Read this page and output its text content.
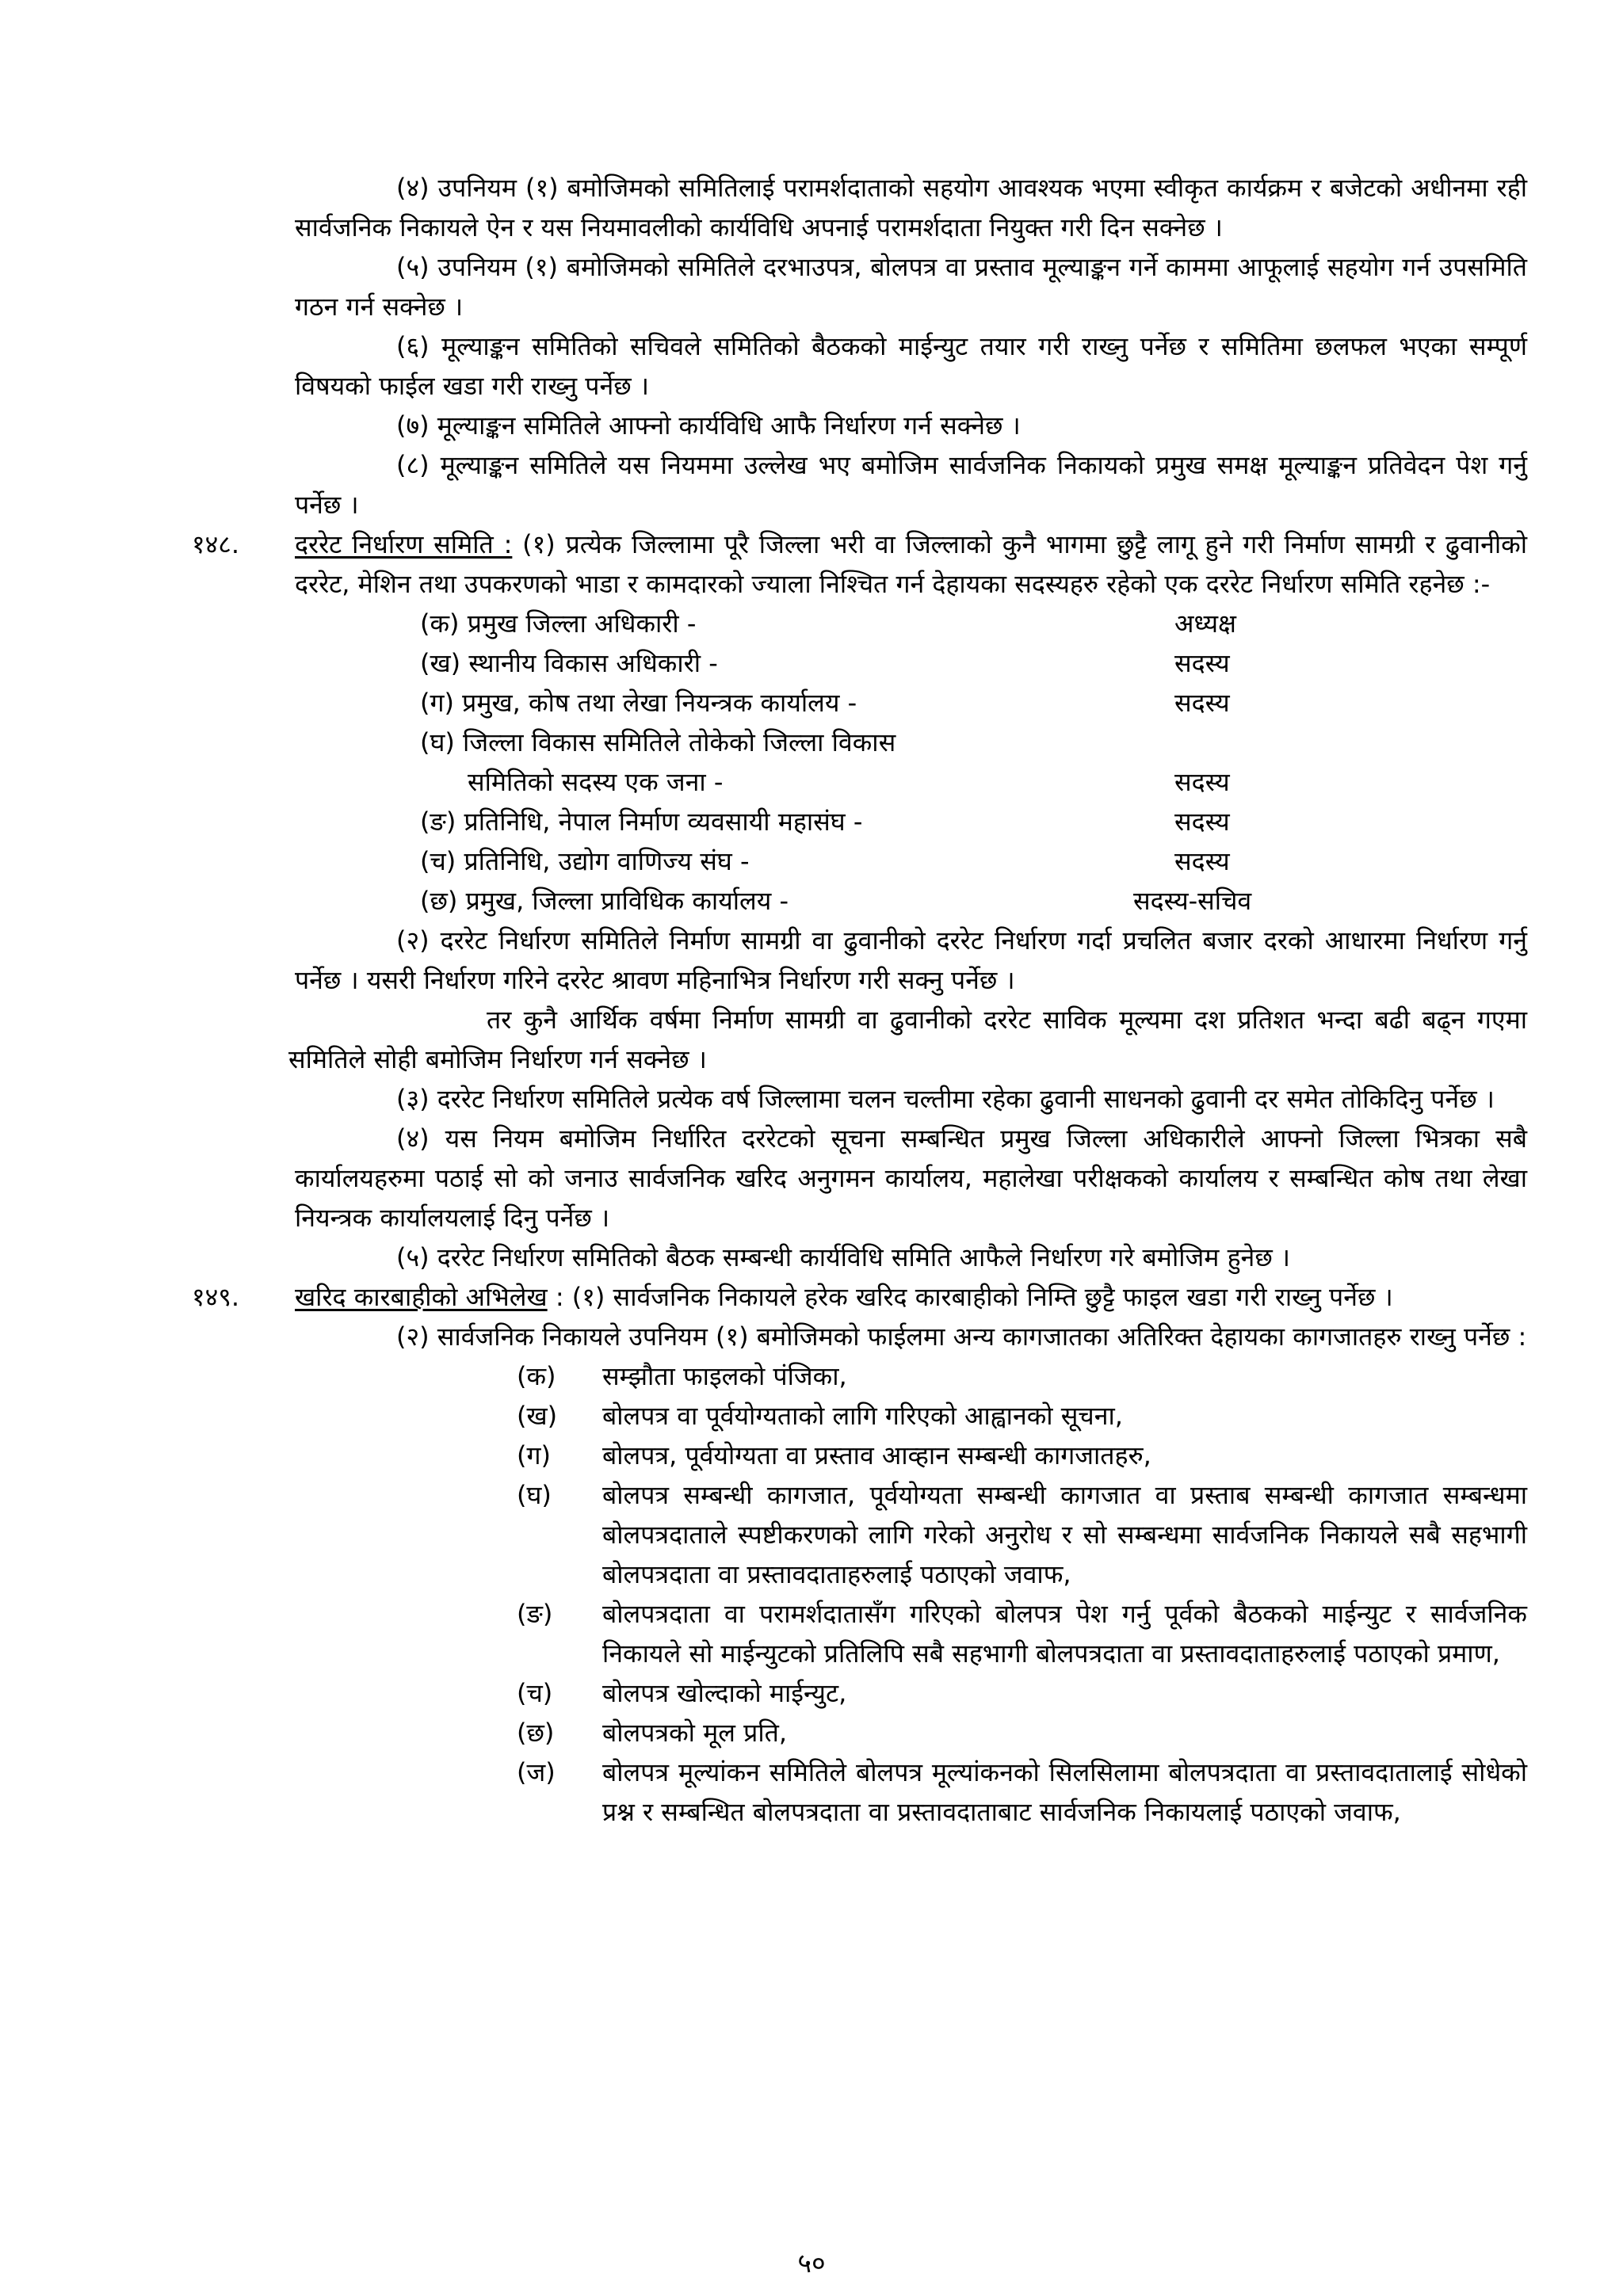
(४) उपनियम (१) बमोजिमको समितिलाई परामर्शदाताको सहयोग आवश्यक भएमा स्वीकृत कार्यक्रम र बजेटको अधीनमा रही सार्वजनिक निकायले ऐन र यस नियमावलीको कार्यविधि अपनाई परामर्शदाता नियुक्त गरी दिन सक्नेछ ।

(५) उपनियम (१) बमोजिमको समितिले दरभाउपत्र, बोलपत्र वा प्रस्ताव मूल्याङ्कन गर्ने काममा आफूलाई सहयोग गर्न उपसमिति गठन गर्न सक्नेछ ।

(६) मूल्याङ्कन समितिको सचिवले समितिको बैठकको माईन्युट तयार गरी राख्नु पर्नेछ र समितिमा छलफल भएका सम्पूर्ण विषयको फाईल खडा गरी राख्नु पर्नेछ ।

(७) मूल्याङ्कन समितिले आफ्नो कार्यविधि आफै निर्धारण गर्न सक्नेछ ।

(८) मूल्याङ्कन समितिले यस नियममा उल्लेख भए बमोजिम सार्वजनिक निकायको प्रमुख समक्ष मूल्याङ्कन प्रतिवेदन पेश गर्नु पर्नेछ ।

१४८. दररेट निर्धारण समिति : (१) प्रत्येक जिल्लामा पूरै जिल्ला भरी वा जिल्लाको कुनै भागमा छुट्टै लागू हुने गरी निर्माण सामग्री र ढुवानीको दररेट, मेशिन तथा उपकरणको भाडा र कामदारको ज्याला निश्चित गर्न देहायका सदस्यहरु रहेको एक दररेट निर्धारण समिति रहनेछ :-

(क) प्रमुख जिल्ला अधिकारी -	अध्यक्ष
(ख) स्थानीय विकास अधिकारी -	सदस्य
(ग) प्रमुख, कोष तथा लेखा नियन्त्रक कार्यालय -	सदस्य
(घ) जिल्ला विकास समितिले तोकेको जिल्ला विकास
समितिको सदस्य एक जना -	सदस्य
(ङ) प्रतिनिधि, नेपाल निर्माण व्यवसायी महासंघ -	सदस्य
(च) प्रतिनिधि, उद्योग वाणिज्य संघ -	सदस्य
(छ) प्रमुख, जिल्ला प्राविधिक कार्यालय -	सदस्य-सचिव

(२) दररेट निर्धारण समितिले निर्माण सामग्री वा ढुवानीको दररेट निर्धारण गर्दा प्रचलित बजार दरको आधारमा निर्धारण गर्नु पर्नेछ । यसरी निर्धारण गरिने दररेट श्रावण महिनाभित्र निर्धारण गरी सक्नु पर्नेछ ।

तर कुनै आर्थिक वर्षमा निर्माण सामग्री वा ढुवानीको दररेट साविक मूल्यमा दश प्रतिशत भन्दा बढी बढ्न गएमा समितिले सोही बमोजिम निर्धारण गर्न सक्नेछ ।

(३) दररेट निर्धारण समितिले प्रत्येक वर्ष जिल्लामा चलन चल्तीमा रहेका ढुवानी साधनको ढुवानी दर समेत तोकिदिनु पर्नेछ ।

(४) यस नियम बमोजिम निर्धारित दररेटको सूचना सम्बन्धित प्रमुख जिल्ला अधिकारीले आफ्नो जिल्ला भित्रका सबै कार्यालयहरुमा पठाई सो को जनाउ सार्वजनिक खरिद अनुगमन कार्यालय, महालेखा परीक्षकको कार्यालय र सम्बन्धित कोष तथा लेखा नियन्त्रक कार्यालयलाई दिनु पर्नेछ ।

(५) दररेट निर्धारण समितिको बैठक सम्बन्धी कार्यविधि समिति आफैले निर्धारण गरे बमोजिम हुनेछ ।

१४९. खरिद कारबाहीको अभिलेख : (१) सार्वजनिक निकायले हरेक खरिद कारबाहीको निम्ति छुट्टै फाइल खडा गरी राख्नु पर्नेछ ।

(२) सार्वजनिक निकायले उपनियम (१) बमोजिमको फाईलमा अन्य कागजातका अतिरिक्त देहायका कागजातहरु राख्नु पर्नेछ :

(क)	सम्झौता फाइलको पंजिका,
(ख)	बोलपत्र वा पूर्वयोग्यताको लागि गरिएको आह्वानको सूचना,
(ग)	बोलपत्र, पूर्वयोग्यता वा प्रस्ताव आव्हान सम्बन्धी कागजातहरु,
(घ)	बोलपत्र सम्बन्धी कागजात, पूर्वयोग्यता सम्बन्धी कागजात वा प्रस्ताब सम्बन्धी कागजात सम्बन्धमा बोलपत्रदाताले स्पष्टीकरणको लागि गरेको अनुरोध र सो सम्बन्धमा सार्वजनिक निकायले सबै सहभागी बोलपत्रदाता वा प्रस्तावदाताहरुलाई पठाएको जवाफ,
(ङ)	बोलपत्रदाता वा परामर्शदातासँग गरिएको बोलपत्र पेश गर्नु पूर्वको बैठकको माईन्युट र सार्वजनिक निकायले सो माईन्युटको प्रतिलिपि सबै सहभागी बोलपत्रदाता वा प्रस्तावदाताहरुलाई पठाएको प्रमाण,
(च)	बोलपत्र खोल्दाको माईन्युट,
(छ)	बोलपत्रको मूल प्रति,
(ज)	बोलपत्र मूल्यांकन समितिले बोलपत्र मूल्यांकनको सिलसिलामा बोलपत्रदाता वा प्रस्तावदातालाई सोधेको प्रश्न र सम्बन्धित बोलपत्रदाता वा प्रस्तावदाताबाट सार्वजनिक निकायलाई पठाएको जवाफ,
५०
